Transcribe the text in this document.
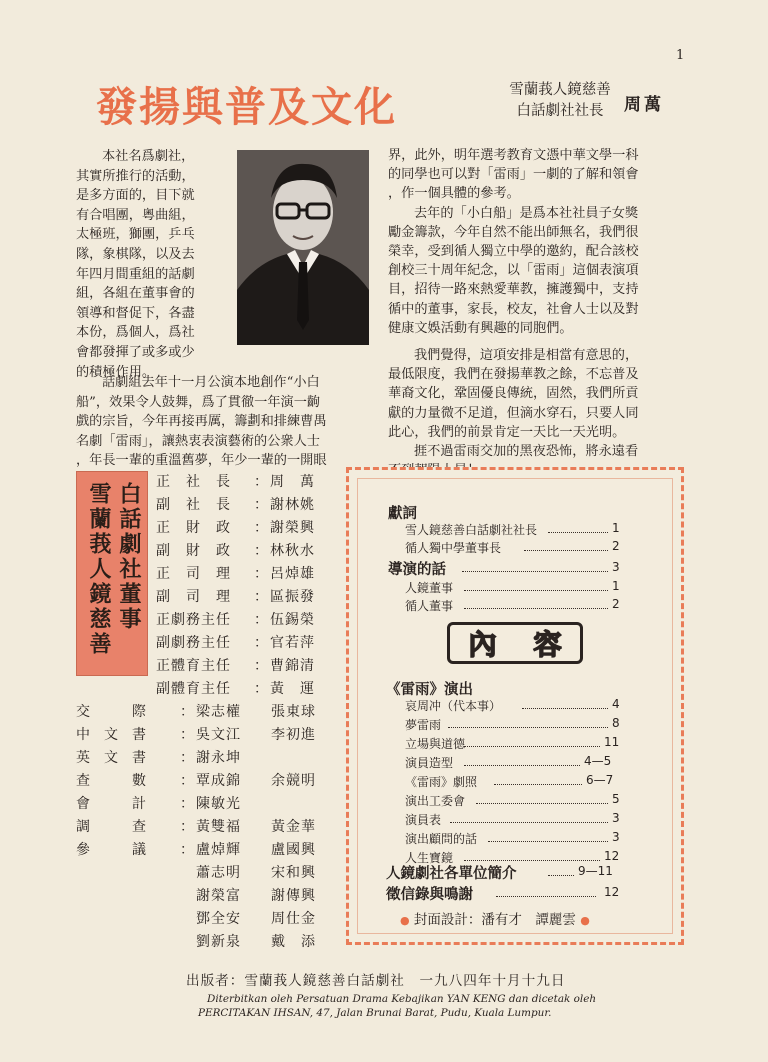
1
發揚與普及文化	雪蘭莪人鏡慈善
白話劇社社長	周萬
本社名爲劇社，
其實所推行的活動，
是多方面的，目下就
有合唱團，粵曲組，
太極班，獅團，乒乓
隊，象棋隊，以及去
年四月間重組的話劇
組，各組在董事會的
領導和督促下，各盡
本份，爲個人，爲社
會都發揮了或多或少
的積極作用。
話劇組去年十一月公演本地創作“小白
船”，效果令人鼓舞，爲了貫徹一年演一齣
戲的宗旨，今年再接再厲，籌劃和排練曹禺
名劇「雷雨」，讓熱衷表演藝術的公衆人士
，年長一輩的重溫舊夢，年少一輩的一開眼
界，此外，明年選考教育文憑中華文學一科
的同學也可以對「雷雨」一劇的了解和領會
，作一個具體的參考。
去年的「小白船」是爲本社社員子女獎
勵金籌款，今年自然不能出師無名，我們很
榮幸，受到循人獨立中學的邀約，配合該校
創校三十周年紀念，以「雷雨」這個表演項
目，招待一路來熱愛華教，擁護獨中，支持
循中的董事，家長，校友，社會人士以及對
健康文娛活動有興趣的同胞們。
我們覺得，這項安排是相當有意思的，
最低限度，我們在發揚華教之餘，不忘普及
華裔文化，鞏固優良傳統，固然，我們所貢
獻的力量微不足道，但滴水穿石，只要人同
此心，我們的前景肯定一天比一天光明。
捱不過雷雨交加的黑夜恐怖，將永遠看
白話劇社董事
雪蘭莪人鏡慈善	正　社　長 ： 周　萬
副　社　長 ： 謝林姚
正　財　政 ： 謝榮興
副　財　政 ： 林秋水
正　司　理 ： 呂焯雄
副　司　理 ： 區振發
正劇務主任 ： 伍錫榮
副劇務主任 ： 官若萍
正體育主任 ： 曹錦清
副體育主任 ： 黃　運
交　　　際 ： 梁志權　　張東球
中　文　書 ： 吳文江　　李初進
英　文　書 ： 謝永坤
查　　　數 ： 覃成錦　　余競明
會　　　計 ： 陳敏光
調　　　查 ： 黃雙福　　黃金華
參　　　議 ： 盧焯輝　　盧國興
蕭志明　　宋和興
謝榮富　　謝傳興
鄧全安　　周仕金
劉新泉　　戴　添
獻詞
雪人鏡慈善白話劇社社長	1
循人獨中學董事長	2
導演的話	3
人鏡董事	1
循人董事	2
內 容
《雷雨》演出
哀周冲（代本事）	4
夢雷雨	8
立場與道德	11
演員造型	4—5
《雷雨》劇照	6—7
演出工委會	5
演員表	3
演出顧問的話	3
人生寶鏡	12
人鏡劇社各單位簡介	9—11
徵信錄與鳴謝	12
● 封面設計：潘有才　譚麗雲 ●
出版者：雪蘭莪人鏡慈善白話劇社　一九八四年十月十九日
Diterbitkan oleh Persatuan Drama Kebajikan YAN KENG dan dicetak oleh
PERCITAKAN IHSAN, 47, Jalan Brunai Barat, Pudu, Kuala Lumpur.
